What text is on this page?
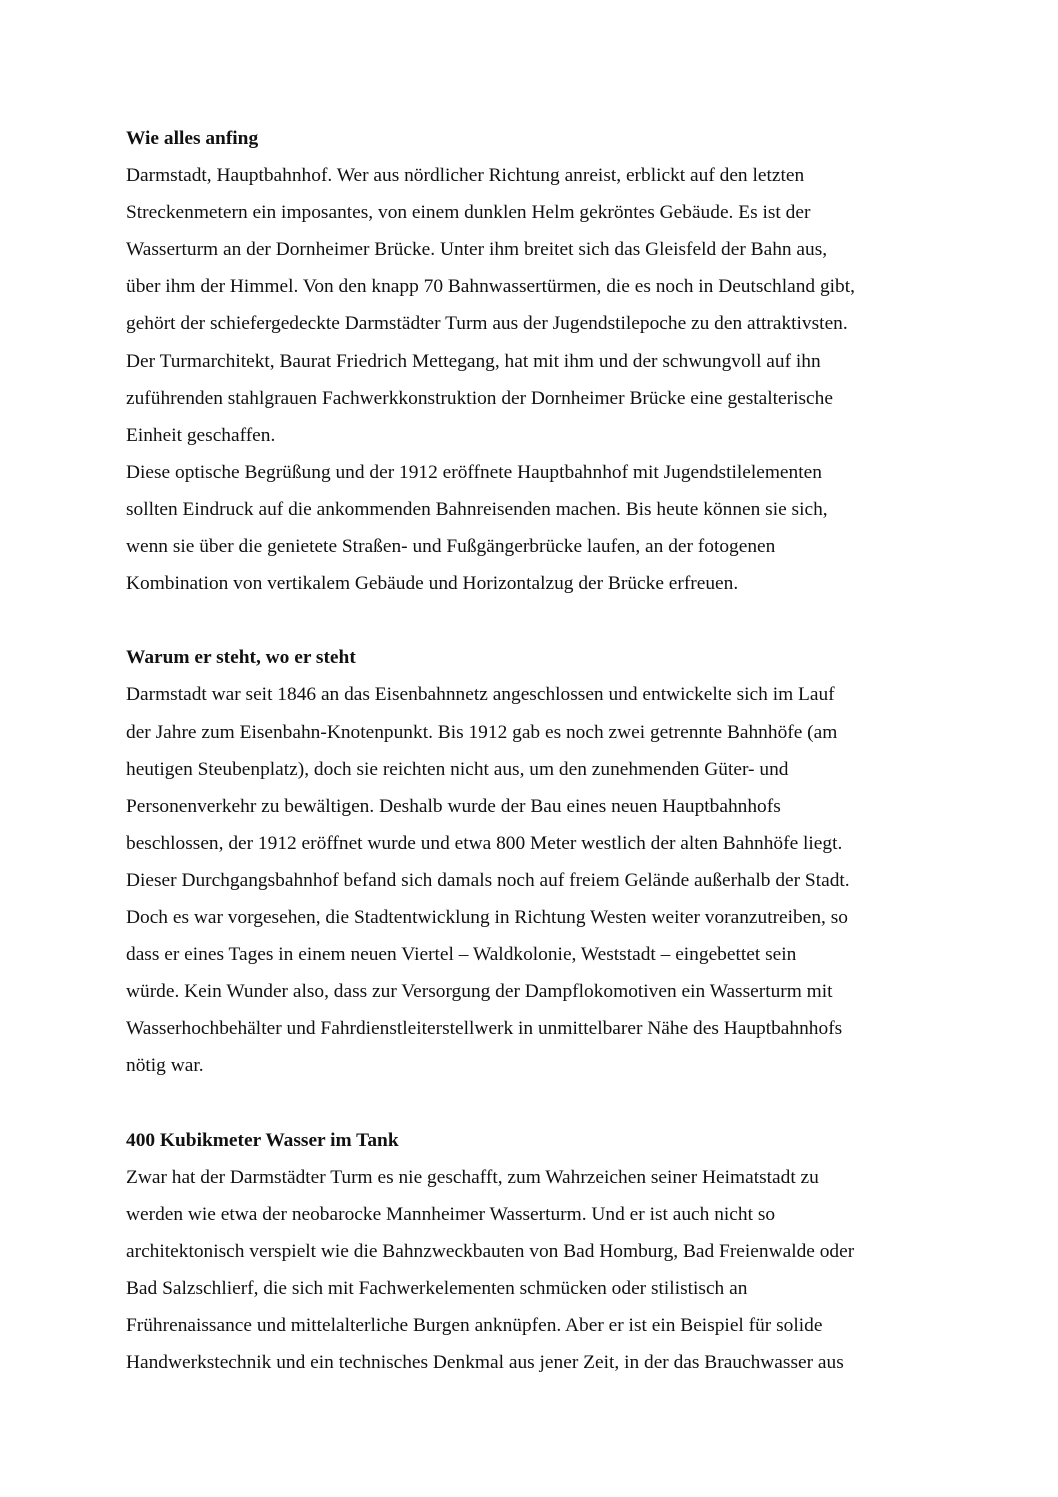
Wie alles anfing
Darmstadt, Hauptbahnhof. Wer aus nördlicher Richtung anreist, erblickt auf den letzten
Streckenmetern ein imposantes, von einem dunklen Helm gekröntes Gebäude. Es ist der
Wasserturm an der Dornheimer Brücke. Unter ihm breitet sich das Gleisfeld der Bahn aus,
über ihm der Himmel. Von den knapp 70 Bahnwassertürmen, die es noch in Deutschland gibt,
gehört der schiefergedeckte Darmstädter Turm aus der Jugendstilepoche zu den attraktivsten.
Der Turmarchitekt, Baurat Friedrich Mettegang, hat mit ihm und der schwungvoll auf ihn
zuführenden stahlgrauen Fachwerkkonstruktion der Dornheimer Brücke eine gestalterische
Einheit geschaffen.
Diese optische Begrüßung und der 1912 eröffnete Hauptbahnhof mit Jugendstilelementen
sollten Eindruck auf die ankommenden Bahnreisenden machen. Bis heute können sie sich,
wenn sie über die genietete Straßen- und Fußgängerbrücke laufen, an der fotogenen
Kombination von vertikalem Gebäude und Horizontalzug der Brücke erfreuen.
Warum er steht, wo er steht
Darmstadt war seit 1846 an das Eisenbahnnetz angeschlossen und entwickelte sich im Lauf
der Jahre zum Eisenbahn-Knotenpunkt. Bis 1912 gab es noch zwei getrennte Bahnhöfe (am
heutigen Steubenplatz), doch sie reichten nicht aus, um den zunehmenden Güter- und
Personenverkehr zu bewältigen. Deshalb wurde der Bau eines neuen Hauptbahnhofs
beschlossen, der 1912 eröffnet wurde und etwa 800 Meter westlich der alten Bahnhöfe liegt.
Dieser Durchgangsbahnhof befand sich damals noch auf freiem Gelände außerhalb der Stadt.
Doch es war vorgesehen, die Stadtentwicklung in Richtung Westen weiter voranzutreiben, so
dass er eines Tages in einem neuen Viertel – Waldkolonie, Weststadt – eingebettet sein
würde. Kein Wunder also, dass zur Versorgung der Dampflokomotiven ein Wasserturm mit
Wasserhochbehälter und Fahrdienstleiterstellwerk in unmittelbarer Nähe des Hauptbahnhofs
nötig war.
400 Kubikmeter Wasser im Tank
Zwar hat der Darmstädter Turm es nie geschafft, zum Wahrzeichen seiner Heimatstadt zu
werden wie etwa der neobarocke Mannheimer Wasserturm. Und er ist auch nicht so
architektonisch verspielt wie die Bahnzweckbauten von Bad Homburg, Bad Freienwalde oder
Bad Salzschlierf, die sich mit Fachwerkelementen schmücken oder stilistisch an
Frührenaissance und mittelalterliche Burgen anknüpfen. Aber er ist ein Beispiel für solide
Handwerkstechnik und ein technisches Denkmal aus jener Zeit, in der das Brauchwasser aus
